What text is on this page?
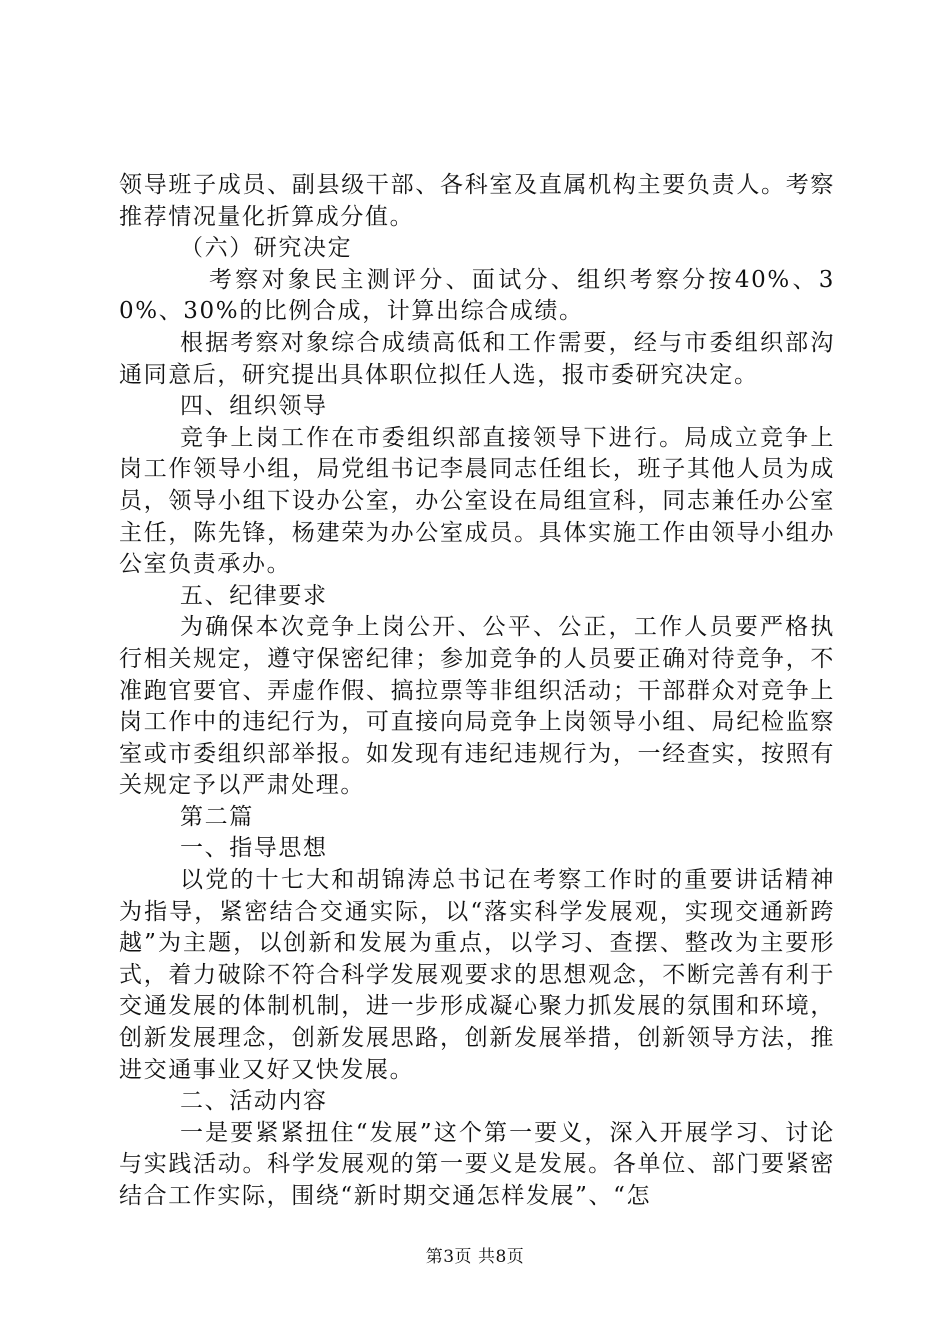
领导班子成员、副县级干部、各科室及直属机构主要负责人。考察推荐情况量化折算成分值。

（六）研究决定

考察对象民主测评分、面试分、组织考察分按40%、30%、30%的比例合成，计算出综合成绩。

根据考察对象综合成绩高低和工作需要，经与市委组织部沟通同意后，研究提出具体职位拟任人选，报市委研究决定。

四、组织领导

竞争上岗工作在市委组织部直接领导下进行。局成立竞争上岗工作领导小组，局党组书记李晨同志任组长，班子其他人员为成员，领导小组下设办公室，办公室设在局组宣科，同志兼任办公室主任，陈先锋，杨建荣为办公室成员。具体实施工作由领导小组办公室负责承办。

五、纪律要求

为确保本次竞争上岗公开、公平、公正，工作人员要严格执行相关规定，遵守保密纪律；参加竞争的人员要正确对待竞争，不准跑官要官、弄虚作假、搞拉票等非组织活动；干部群众对竞争上岗工作中的违纪行为，可直接向局竞争上岗领导小组、局纪检监察室或市委组织部举报。如发现有违纪违规行为，一经查实，按照有关规定予以严肃处理。

第二篇

一、指导思想

以党的十七大和胡锦涛总书记在考察工作时的重要讲话精神为指导，紧密结合交通实际，以“落实科学发展观，实现交通新跨越”为主题，以创新和发展为重点，以学习、查摆、整改为主要形式，着力破除不符合科学发展观要求的思想观念，不断完善有利于交通发展的体制机制，进一步形成凝心聚力抓发展的氛围和环境，创新发展理念，创新发展思路，创新发展举措，创新领导方法，推进交通事业又好又快发展。

二、活动内容

一是要紧紧扭住“发展”这个第一要义，深入开展学习、讨论与实践活动。科学发展观的第一要义是发展。各单位、部门要紧密结合工作实际，围绕“新时期交通怎样发展”、“怎

第3页 共8页
